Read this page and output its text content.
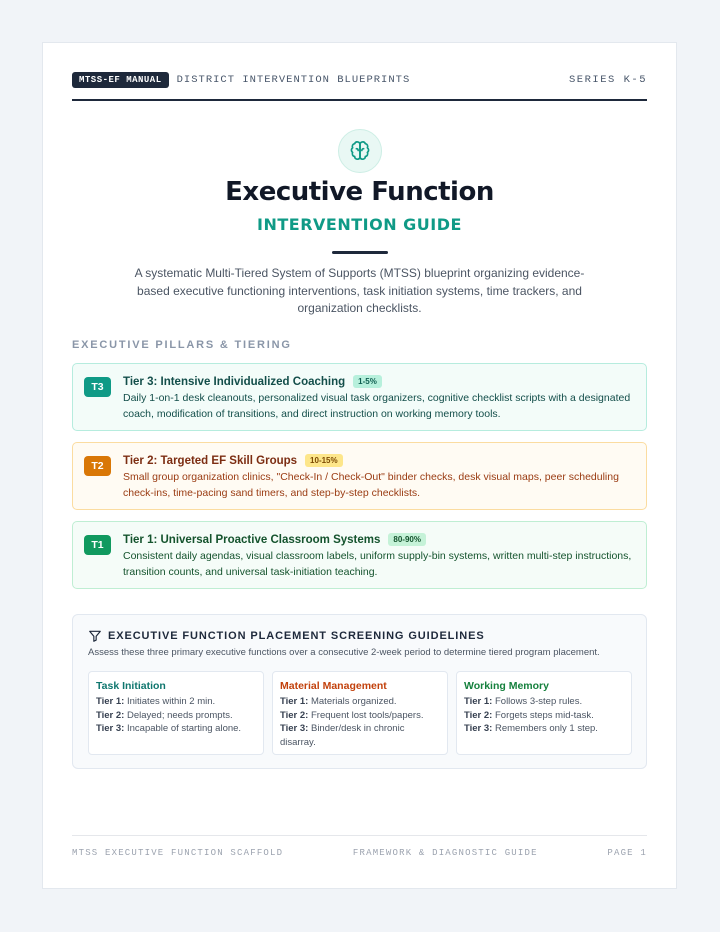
MTSS-EF MANUAL	DISTRICT INTERVENTION BLUEPRINTS	SERIES K-5
Executive Function
INTERVENTION GUIDE
A systematic Multi-Tiered System of Supports (MTSS) blueprint organizing evidence-based executive functioning interventions, task initiation systems, time trackers, and organization checklists.
EXECUTIVE PILLARS & TIERING
T3	Tier 3: Intensive Individualized Coaching	1-5%
Daily 1-on-1 desk cleanouts, personalized visual task organizers, cognitive checklist scripts with a designated coach, modification of transitions, and direct instruction on working memory tools.
T2	Tier 2: Targeted EF Skill Groups	10-15%
Small group organization clinics, "Check-In / Check-Out" binder checks, desk visual maps, peer scheduling check-ins, time-pacing sand timers, and step-by-step checklists.
T1	Tier 1: Universal Proactive Classroom Systems	80-90%
Consistent daily agendas, visual classroom labels, uniform supply-bin systems, written multi-step instructions, transition counts, and universal task-initiation teaching.
EXECUTIVE FUNCTION PLACEMENT SCREENING GUIDELINES
Assess these three primary executive functions over a consecutive 2-week period to determine tiered program placement.
Task Initiation
Tier 1: Initiates within 2 min.
Tier 2: Delayed; needs prompts.
Tier 3: Incapable of starting alone.
Material Management
Tier 1: Materials organized.
Tier 2: Frequent lost tools/papers.
Tier 3: Binder/desk in chronic disarray.
Working Memory
Tier 1: Follows 3-step rules.
Tier 2: Forgets steps mid-task.
Tier 3: Remembers only 1 step.
MTSS EXECUTIVE FUNCTION SCAFFOLD	FRAMEWORK & DIAGNOSTIC GUIDE	PAGE 1
